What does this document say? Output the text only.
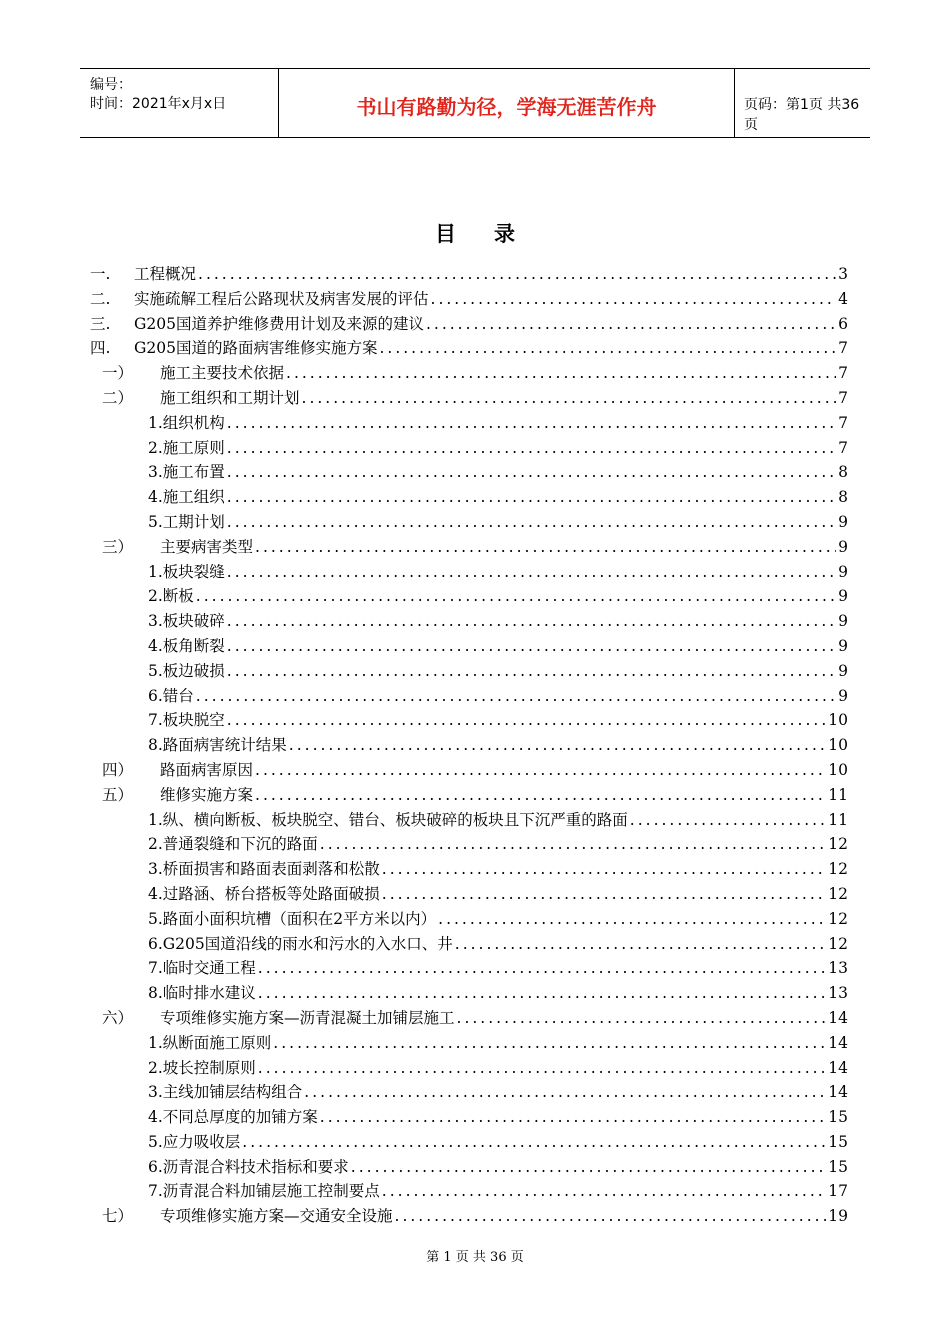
编号：
时间：2021年x月x日	书山有路勤为径，学海无涯苦作舟	页码：第1页 共36页
目录
一.	工程概况 .....	3
二.	实施疏解工程后公路现状及病害发展的评估 .....	4
三.	G205国道养护维修费用计划及来源的建议 .....	6
四.	G205国道的路面病害维修实施方案 .....	7
一）	施工主要技术依据 .....	7
二）	施工组织和工期计划 .....	7
1.组织机构 .....	7
2.施工原则 .....	7
3.施工布置 .....	8
4.施工组织 .....	8
5.工期计划 .....	9
三）	主要病害类型 .....	9
1.板块裂缝 .....	9
2.断板 .....	9
3.板块破碎 .....	9
4.板角断裂 .....	9
5.板边破损 .....	9
6.错台 .....	9
7.板块脱空 .....	10
8.路面病害统计结果 .....	10
四）	路面病害原因 .....	10
五）	维修实施方案 .....	11
1.纵、横向断板、板块脱空、错台、板块破碎的板块且下沉严重的路面 .....	11
2.普通裂缝和下沉的路面 .....	12
3.桥面损害和路面表面剥落和松散 .....	12
4.过路涵、桥台搭板等处路面破损 .....	12
5.路面小面积坑槽（面积在2平方米以内） .....	12
6.G205国道沿线的雨水和污水的入水口、井 .....	12
7.临时交通工程 .....	13
8.临时排水建议 .....	13
六）	专项维修实施方案—沥青混凝土加铺层施工 .....	14
1.纵断面施工原则 .....	14
2.坡长控制原则 .....	14
3.主线加铺层结构组合 .....	14
4.不同总厚度的加铺方案 .....	15
5.应力吸收层 .....	15
6.沥青混合料技术指标和要求 .....	15
7.沥青混合料加铺层施工控制要点 .....	17
七）	专项维修实施方案—交通安全设施 .....	19
第 1 页 共 36 页
